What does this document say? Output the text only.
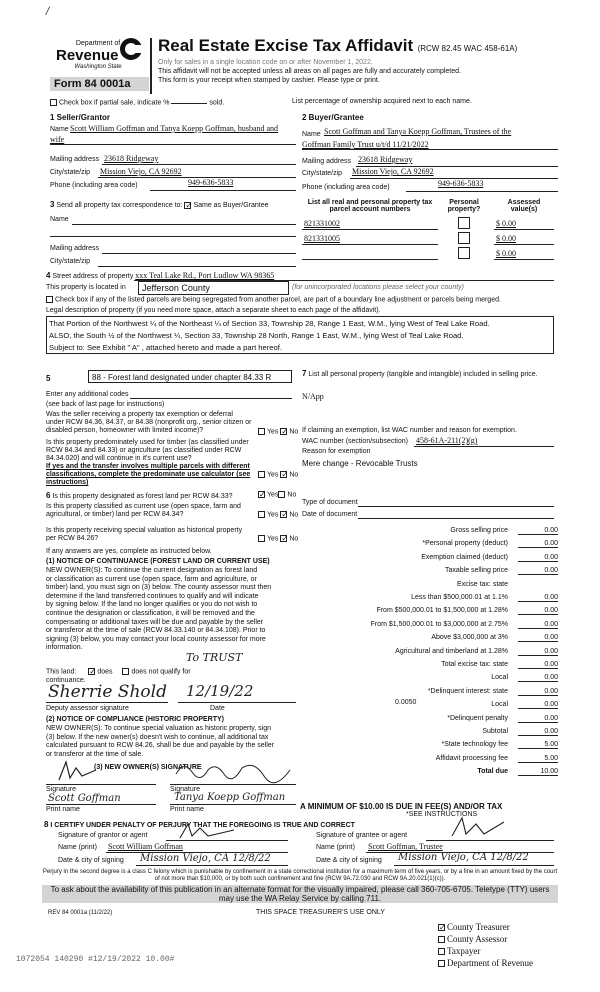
/
Department of
Revenue
Washington State
Form 84 0001a
Real Estate Excise Tax Affidavit (RCW 82.45 WAC 458-61A)
Only for sales in a single location code on or after November 1, 2022.
This affidavit will not be accepted unless all areas on all pages are fully and accurately completed.
This form is your receipt when stamped by cashier. Please type or print.
Check box if partial sale, indicate %	sold.	List percentage of ownership acquired next to each name.
1 Seller/Grantor
Name Scott William Goffman and Tanya Koepp Goffman, husband and
wife
Mailing address 23618 Ridgeway
City/state/zip Mission Viejo, CA 92692
Phone (including area code)	949-636-5833
2 Buyer/Grantee
Name Scott Goffman and Tanya Koepp Goffman, Trustees of the
Goffman Family Trust u/t/d 11/21/2022
Mailing address 23618 Ridgeway
City/state/zip Mission Viejo, CA 92692
Phone (including area code)	949-636-5833
3 Send all property tax correspondence to: ✓ Same as Buyer/Grantee
Name
Mailing address
City/state/zip
List all real and personal property tax parcel account numbers
Personal property?
Assessed value(s)
821331002	$ 0.00
821331005	$ 0.00
$ 0.00
4 Street address of property xxx Teal Lake Rd., Port Ludlow WA 98365
This property is located in	Jefferson County	(for unincorporated locations please select your county)
Check box if any of the listed parcels are being segregated from another parcel, are part of a boundary line adjustment or parcels being merged.
Legal description of property (if you need more space, attach a separate sheet to each page of the affidavit).
That Portion of the Northwest ¼ of the Northeast ¼ of Section 33, Township 28, Range 1 East, W.M., lying West of Teal Lake Road.
ALSO, the South ½ of the Northwest ¼, Section 33, Township 28 North, Range 1 East, W.M., lying West of Teal Lake Road.
Subject to: See Exhibit " A" , attached hereto and made a part hereof.
5	88 - Forest land designated under chapter 84.33 R
Enter any additional codes
(see back of last page for instructions)
Was the seller receiving a property tax exemption or deferral under RCW 84.36, 84.37, or 84.38 (nonprofit org., senior citizen or disabled person, homeowner with limited income)?	Yes ✓ No
Is this property predominately used for timber (as classified under RCW 84.34 and 84.33) or agriculture (as classified under RCW 84.34.020) and will continue in it's current use?
If yes and the transfer involves multiple parcels with different classifications, complete the predominate use calculator (see instructions)
Yes ✓ No
6 Is this property designated as forest land per RCW 84.33? ✓	Yes No
Is this property classified as current use (open space, farm and agricultural, or timber) land per RCW 84.34?	Yes ✓ No
Is this property receiving special valuation as historical property per RCW 84.26?	Yes ✓ No
If any answers are yes, complete as instructed below.
(1) NOTICE OF CONTINUANCE (FOREST LAND OR CURRENT USE)
NEW OWNER(S): To continue the current designation as forest land
or classification as current use (open space, farm and agriculture, or
timber) land, you must sign on (3) below. The county assessor must then
determine if the land transferred continues to qualify and will indicate
by signing below. If the land no longer qualifies or you do not wish to
continue the designation or classification, it will be removed and the
compensating or additional taxes will be due and payable by the seller
or transferor at the time of sale (RCW 84.33.140 or 84.34.108). Prior to
signing (3) below, you may contact your local county assessor for more
information.
To TRUST
This land: ✓	does	does not qualify for
continuance.
Sherrie Shold 12/19/22
Deputy assessor signature	Date
(2) NOTICE OF COMPLIANCE (HISTORIC PROPERTY)
NEW OWNER(S): To continue special valuation as historic property, sign
(3) below. If the new owner(s) doesn't wish to continue, all additional tax
calculated pursuant to RCW 84.26, shall be due and payable by the seller
or transferor at the time of sale.
(3) NEW OWNER(S) SIGNATURE
Signature	Signature
Scott Goffman	Tanya Koepp Goffman
Print name	Print name
7 List all personal property (tangible and intangible) included in selling price.
N/App
If claiming an exemption, list WAC number and reason for exemption.
WAC number (section/subsection) 458-61A-211(2)(g)
Reason for exemption
Mere change - Revocable Trusts
Type of document
Date of document
Gross selling price	0.00
*Personal property (deduct)	0.00
Exemption claimed (deduct)	0.00
Taxable selling price	0.00
Excise tax: state
Less than $500,000.01 at 1.1%	0.00
From $500,000.01 to $1,500,000 at 1.28%	0.00
From $1,500,000.01 to $3,000,000 at 2.75%	0.00
Above $3,000,000 at 3%	0.00
Agricultural and timberland at 1.28%	0.00
Total excise tax: state	0.00
Local	0.00
*Delinquent interest: state	0.00
Local	0.00
*Delinquent penalty	0.00
Subtotal	0.00
*State technology fee	5.00
Affidavit processing fee	5.00
Total due	10.00
0.0050
A MINIMUM OF $10.00 IS DUE IN FEE(S) AND/OR TAX
*SEE INSTRUCTIONS
8 I CERTIFY UNDER PENALTY OF PERJURY THAT THE FOREGOING IS TRUE AND CORRECT
Signature of grantor or agent	Signature of grantee or agent
Name (print) Scott William Goffman	Name (print) Scott Goffman, Trustee
Date & city of signing Mission Viejo, CA 12/8/22	Date & city of signing Mission Viejo, CA 12/8/22
Perjury in the second degree is a class C felony which is punishable by confinement in a state correctional institution for a maximum term of five years, or by a fine in an amount fixed by the court of not more than $10,000, or by both such confinement and fine (RCW 9A.72.030 and RCW 9A.20.021(1)(c)).
To ask about the availability of this publication in an alternate format for the visually impaired, please call 360-705-6705. Teletype (TTY) users may use the WA Relay Service by calling 711.
REV 84 0001a (11/2/22)	THIS SPACE TREASURER'S USE ONLY
1072054 140290 #12/19/2022 10.00#
✓County Treasurer
County Assessor
Taxpayer
Department of Revenue
